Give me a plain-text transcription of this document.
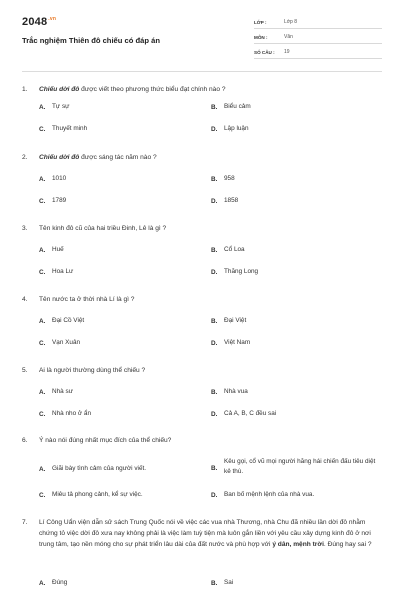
$2048^{.vn}$
Trắc nghiệm Thiên đô chiếu có đáp án
LỚP :	Lớp 8
MÔN :	Văn
SỐ CÂU :	19
1.	Chiếu dời đô được viết theo phương thức biểu đạt chính nào ?
A.	Tự sự	B.	Biểu cảm
C.	Thuyết minh	D.	Lập luận
2.	Chiếu dời đô được sáng tác năm nào ?
A.	1010	B.	958
C.	1789	D.	1858
3.	Tên kinh đô cũ của hai triều Đinh, Lê là gì ?
A.	Huế	B.	Cổ Loa
C.	Hoa Lư	D.	Thăng Long
4.	Tên nước ta ở thời nhà Lí là gì ?
A.	Đại Cồ Việt	B.	Đại Việt
C.	Vạn Xuân	D.	Việt Nam
5.	Ai là người thường dùng thể chiếu ?
A.	Nhà sư	B.	Nhà vua
C.	Nhà nho ở ẩn	D.	Cả A, B, C đều sai
6.	Ý nào nói đúng nhất mục đích của thể chiếu?
A.	Giãi bày tình cảm của người viết.	B.
Kêu gọi, cổ vũ mọi người hăng hái chiến đấu tiêu diệt kẻ thù.
C.	Miêu tả phong cảnh, kể sự việc.	D.	Ban bố mệnh lệnh của nhà vua.
7.	Lí Công Uẩn viện dẫn sử sách Trung Quốc nói về việc các vua nhà Thương, nhà Chu đã nhiều lần dời đô nhằm chứng tỏ việc dời đô xưa nay không phải là việc làm tuỳ tiện mà luôn gắn liền với yêu cầu xây dựng kinh đô ở nơi trung tâm, tạo nền móng cho sự phát triển lâu dài của đất nước và phù hợp với ý dân, mệnh trời. Đúng hay sai ?
A.	Đúng	B.	Sai
